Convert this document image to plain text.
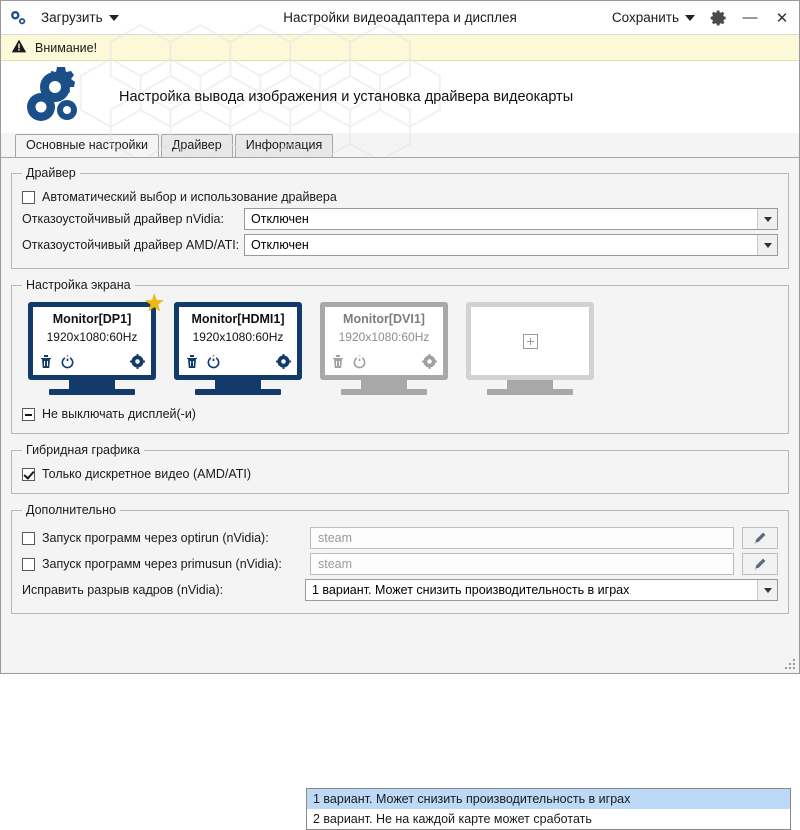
Загрузить	Настройки видеоадаптера и дисплея	Сохранить	—	✕
Внимание!
Настройка вывода изображения и установка драйвера видеокарты
Основные настройки	Драйвер	Информация
Драйвер
Автоматический выбор и использование драйвера
Отказоустойчивый драйвер nVidia:	Отключен
Отказоустойчивый драйвер AMD/ATI: Отключен
Настройка экрана
★
Monitor[DP1]
1920x1080:60Hz
Monitor[HDMI1]
1920x1080:60Hz
Monitor[DVI1]
1920x1080:60Hz
Не выключать дисплей(-и)
Гибридная графика
Только дискретное видео (AMD/ATI)
Дополнительно
Запуск программ через optirun (nVidia):	steam
Запуск программ через primusun (nVidia):	steam
Исправить разрыв кадров (nVidia):	1 вариант. Может снизить производительность в играх
1 вариант. Может снизить производительность в играх
2 вариант. Не на каждой карте может сработать
